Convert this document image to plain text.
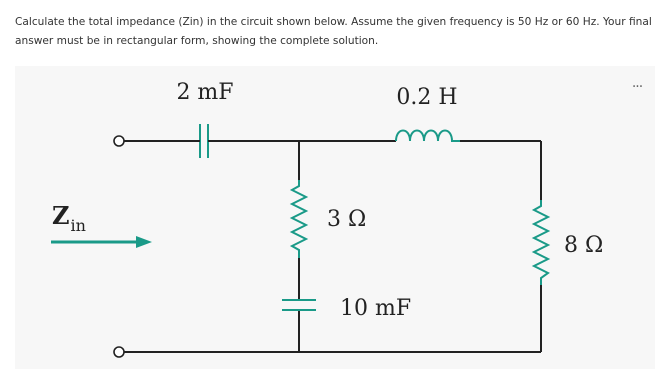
Calculate the total impedance (Zin) in the circuit shown below. Assume the given frequency is 50 Hz or 60 Hz. Your final answer must be in rectangular form, showing the complete solution.
$Z_{in}$
2 mF	0.2 H
3 Ω
10 mF
8 Ω
...
